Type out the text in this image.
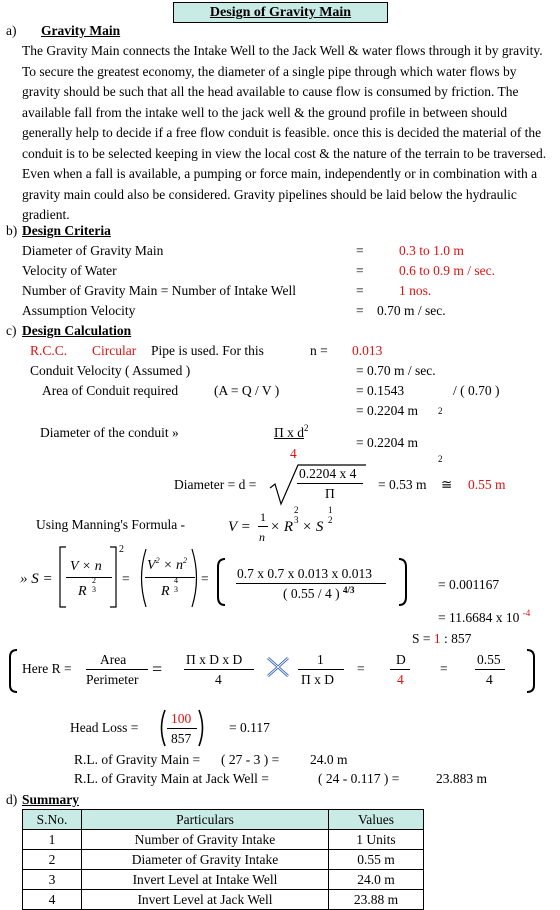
Design of Gravity Main
a) Gravity Main
The Gravity Main connects the Intake Well to the Jack Well & water flows through it by gravity. To secure the greatest economy, the diameter of a single pipe through which water flows by gravity should be such that all the head available to cause flow is consumed by friction. The available fall from the intake well to the jack well & the ground profile in between should generally help to decide if a free flow conduit is feasible. once this is decided the material of the conduit is to be selected keeping in view the local cost & the nature of the terrain to be traversed. Even when a fall is available, a pumping or force main, independently or in combination with a gravity main could also be considered. Gravity pipelines should be laid below the hydraulic gradient.
b) Design Criteria
Diameter of Gravity Main	=	0.3 to 1.0 m
Velocity of Water	=	0.6 to 0.9 m / sec.
Number of Gravity Main = Number of Intake Well	=	1 nos.
Assumption Velocity	= 0.70 m / sec.
c) Design Calculation
R.C.C. Circular Pipe is used. For this	n = 0.013
Conduit Velocity ( Assumed )	= 0.70 m / sec.
Area of Conduit required	(A = Q / V )	= 0.1543	/ ( 0.70 )
= 0.2204 m 2
Diameter of the conduit »	Π x $d^2$
4
= 0.2204 m
2
Diameter = d =
0.2204 x 4
Π
= 0.53 m ≅ 0.55 m
Using Manning's Formula -	V =
1
n
× R
2
3 × S
1
2
» S =
2
V × n
R
2
3
=
$V^2 \times n^2$
R
4
3
= 0.7 x 0.7 x 0.013 x 0.013
( 0.55 / 4 ) $^{4/3}$	= 0.001167
= 11.6684 x 10 $^{-4}$
S = 1 : 857
Here R =
Area
Perimeter
= Π x D x D
4
1
Π x D
=
D
4
=
0.55
4
Head Loss =
100
857
= 0.117
R.L. of Gravity Main = ( 27 - 3 ) = 24.0 m
R.L. of Gravity Main at Jack Well =	( 24 - 0.117 ) =	23.883 m
d) Summary
S.No.	Particulars	Values
1	Number of Gravity Intake	1 Units
2	Diameter of Gravity Intake	0.55 m
3	Invert Level at Intake Well	24.0 m
4	Invert Level at Jack Well	23.88 m
